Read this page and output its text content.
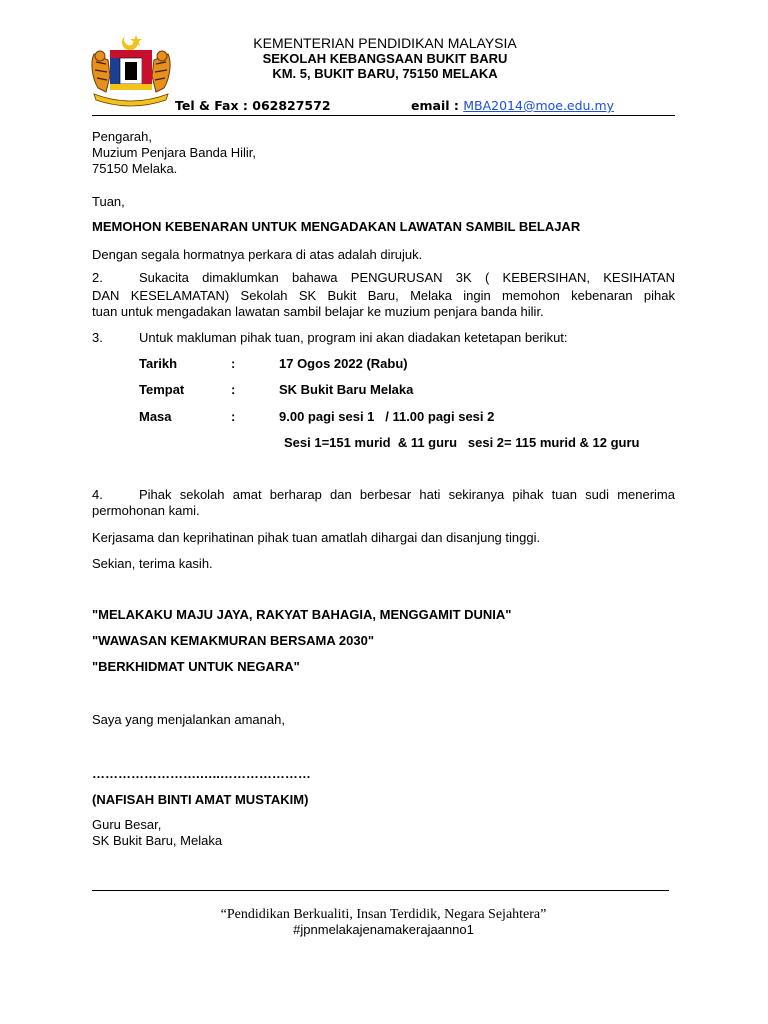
KEMENTERIAN PENDIDIKAN MALAYSIA
SEKOLAH KEBANGSAAN BUKIT BARU
KM. 5, BUKIT BARU, 75150 MELAKA
Tel & Fax : 062827572	email : MBA2014@moe.edu.my
Pengarah,
Muzium Penjara Banda Hilir,
75150 Melaka.
Tuan,
MEMOHON KEBENARAN UNTUK MENGADAKAN LAWATAN SAMBIL BELAJAR
Dengan segala hormatnya perkara di atas adalah dirujuk.
2.	Sukacita dimaklumkan bahawa PENGURUSAN 3K ( KEBERSIHAN, KESIHATAN
DAN KESELAMATAN) Sekolah SK Bukit Baru, Melaka ingin memohon kebenaran pihak
tuan untuk mengadakan lawatan sambil belajar ke muzium penjara banda hilir.
3.	Untuk makluman pihak tuan, program ini akan diadakan ketetapan berikut:
Tarikh	:	17 Ogos 2022 (Rabu)
Tempat	:	SK Bukit Baru Melaka
Masa	:	9.00 pagi sesi 1   / 11.00 pagi sesi 2
Sesi 1=151 murid  & 11 guru   sesi 2= 115 murid & 12 guru
4.	Pihak sekolah amat berharap dan berbesar hati sekiranya pihak tuan sudi menerima
permohonan kami.
Kerjasama dan keprihatinan pihak tuan amatlah dihargai dan disanjung tinggi.
Sekian, terima kasih.
"MELAKAKU MAJU JAYA, RAKYAT BAHAGIA, MENGGAMIT DUNIA"
"WAWASAN KEMAKMURAN BERSAMA 2030"
"BERKHIDMAT UNTUK NEGARA"
Saya yang menjalankan amanah,
…………………….…..…………………
(NAFISAH BINTI AMAT MUSTAKIM)
Guru Besar,
SK Bukit Baru, Melaka
“Pendidikan Berkualiti, Insan Terdidik, Negara Sejahtera”
#jpnmelakajenamakerajaanno1
